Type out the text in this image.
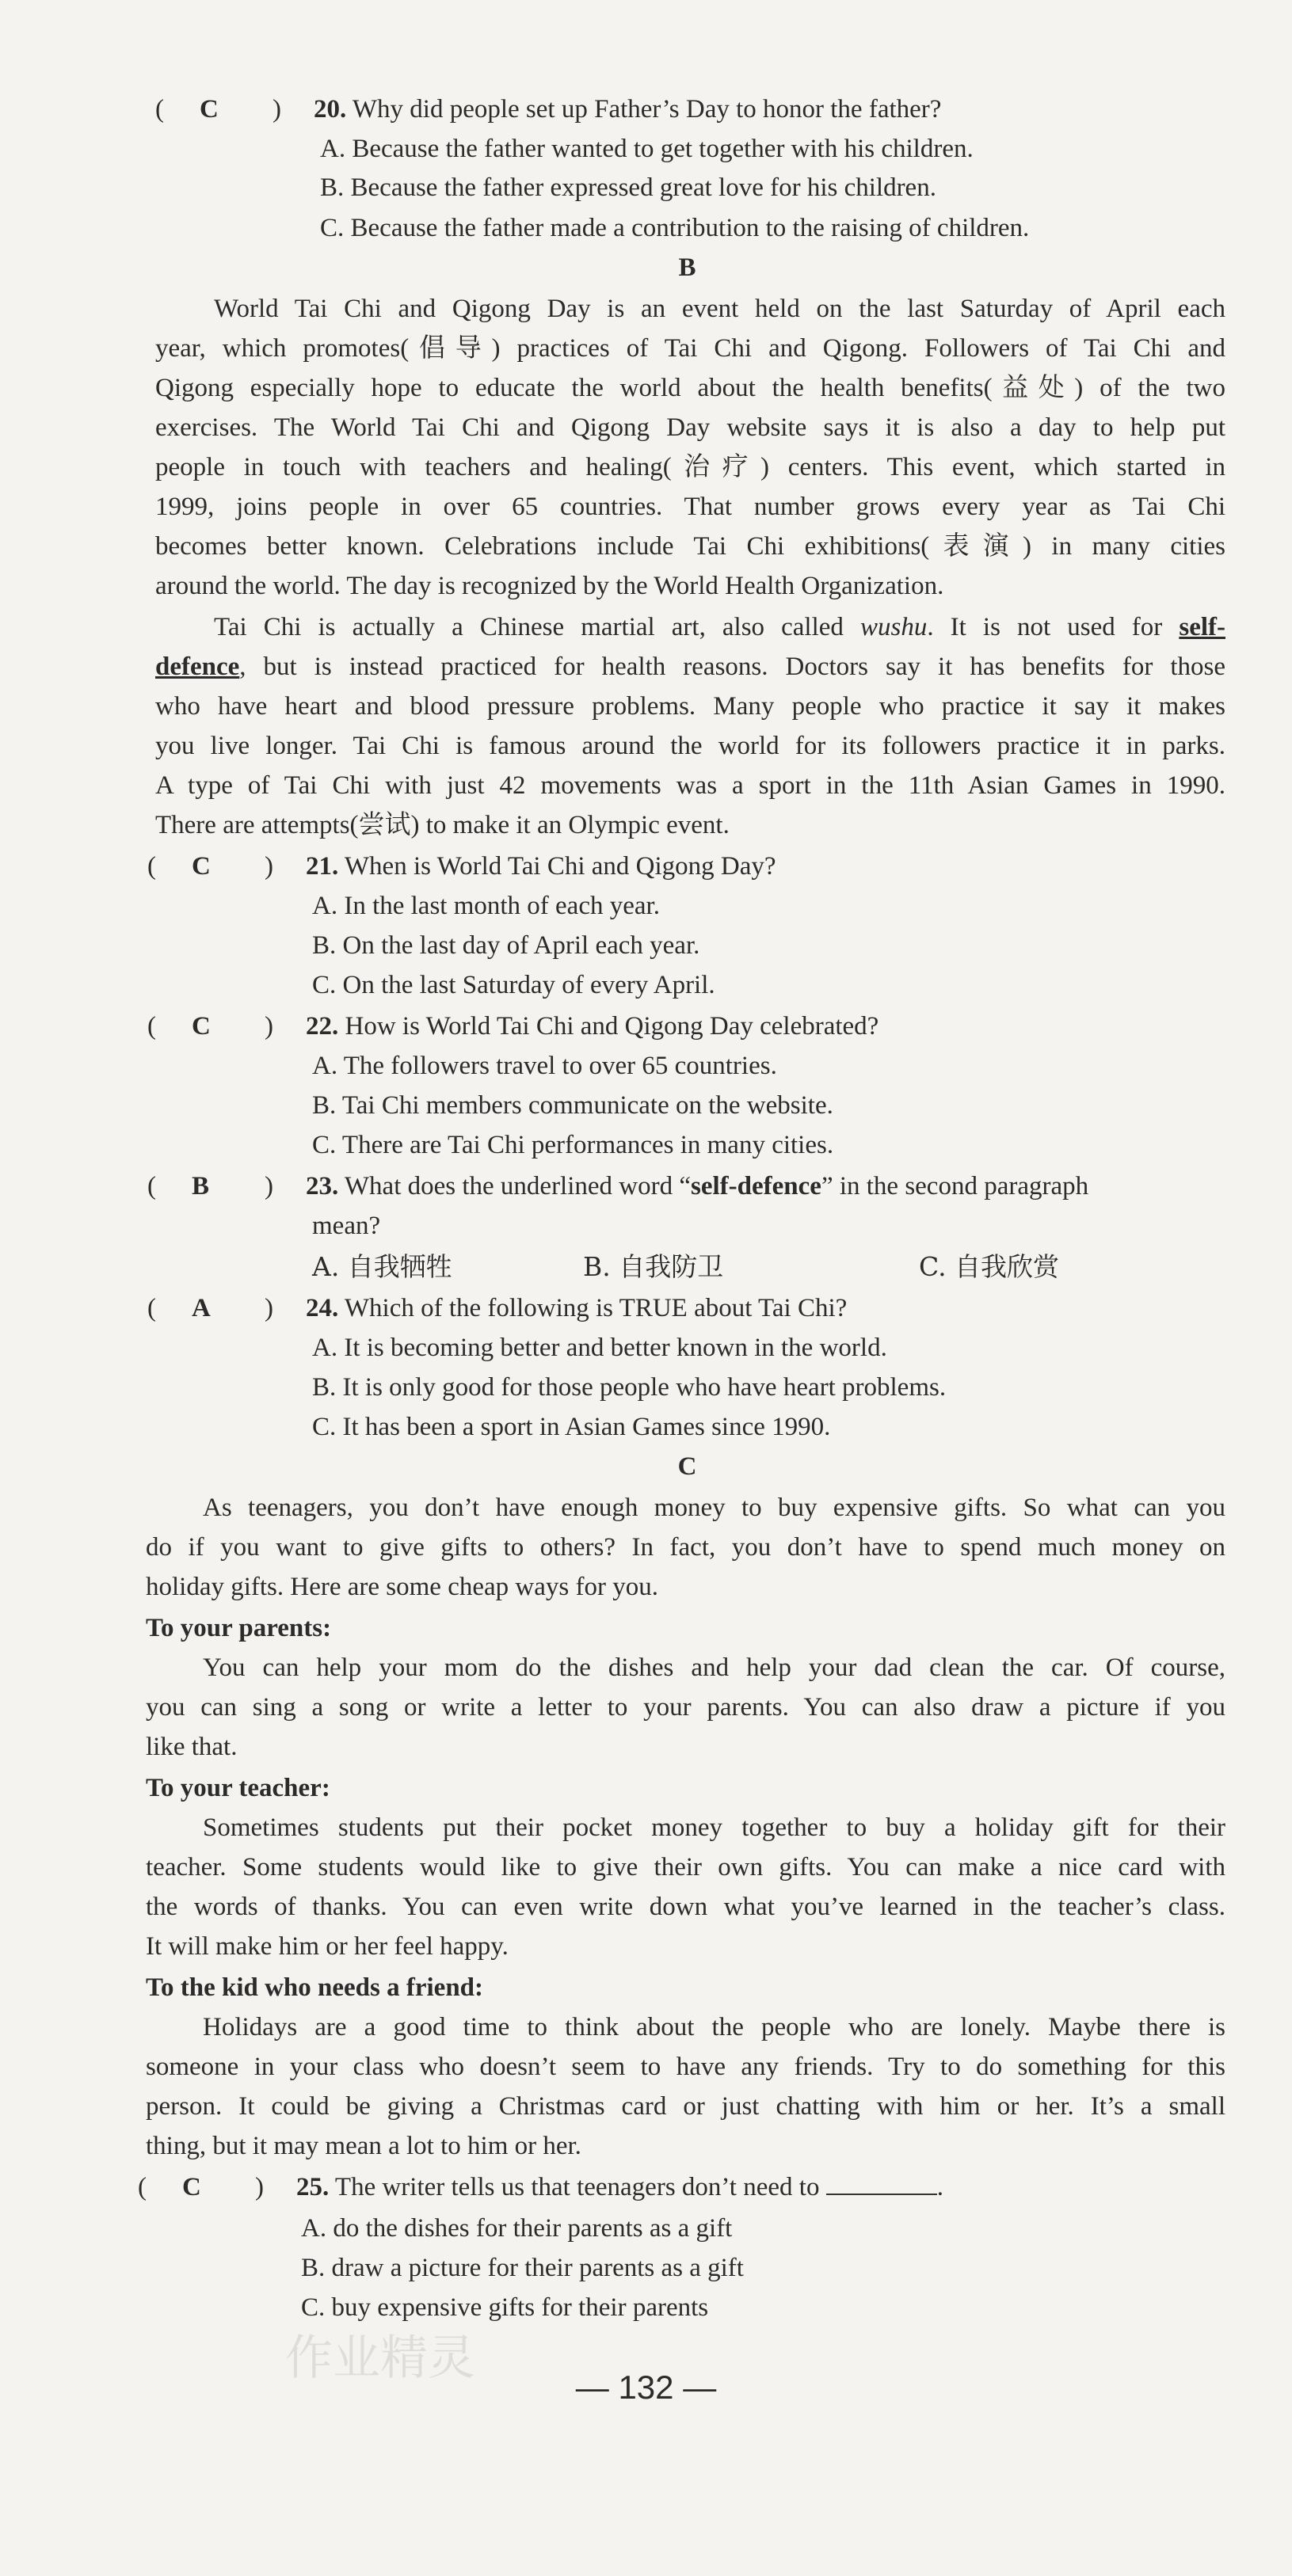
( C ) 20. Why did people set up Father’s Day to honor the father?
A. Because the father wanted to get together with his children.
B. Because the father expressed great love for his children.
C. Because the father made a contribution to the raising of children.
B
World Tai Chi and Qigong Day is an event held on the last Saturday of April each
year, which promotes(倡导) practices of Tai Chi and Qigong. Followers of Tai Chi and
Qigong especially hope to educate the world about the health benefits(益处) of the two
exercises. The World Tai Chi and Qigong Day website says it is also a day to help put
people in touch with teachers and healing(治疗) centers. This event, which started in
1999, joins people in over 65 countries. That number grows every year as Tai Chi
becomes better known. Celebrations include Tai Chi exhibitions(表演) in many cities
around the world. The day is recognized by the World Health Organization.
Tai Chi is actually a Chinese martial art, also called wushu. It is not used for self-
defence, but is instead practiced for health reasons. Doctors say it has benefits for those
who have heart and blood pressure problems. Many people who practice it say it makes
you live longer. Tai Chi is famous around the world for its followers practice it in parks.
A type of Tai Chi with just 42 movements was a sport in the 11th Asian Games in 1990.
There are attempts(尝试) to make it an Olympic event.
( C ) 21. When is World Tai Chi and Qigong Day?
A. In the last month of each year.
B. On the last day of April each year.
C. On the last Saturday of every April.
( C ) 22. How is World Tai Chi and Qigong Day celebrated?
A. The followers travel to over 65 countries.
B. Tai Chi members communicate on the website.
C. There are Tai Chi performances in many cities.
( B ) 23. What does the underlined word “self-defence” in the second paragraph
mean?
A. 自我牺牲	B. 自我防卫	C. 自我欣赏
( A ) 24. Which of the following is TRUE about Tai Chi?
A. It is becoming better and better known in the world.
B. It is only good for those people who have heart problems.
C. It has been a sport in Asian Games since 1990.
C
As teenagers, you don’t have enough money to buy expensive gifts. So what can you
do if you want to give gifts to others? In fact, you don’t have to spend much money on
holiday gifts. Here are some cheap ways for you.
To your parents:
You can help your mom do the dishes and help your dad clean the car. Of course,
you can sing a song or write a letter to your parents. You can also draw a picture if you
like that.
To your teacher:
Sometimes students put their pocket money together to buy a holiday gift for their
teacher. Some students would like to give their own gifts. You can make a nice card with
the words of thanks. You can even write down what you’ve learned in the teacher’s class.
It will make him or her feel happy.
To the kid who needs a friend:
Holidays are a good time to think about the people who are lonely. Maybe there is
someone in your class who doesn’t seem to have any friends. Try to do something for this
person. It could be giving a Christmas card or just chatting with him or her. It’s a small
thing, but it may mean a lot to him or her.
( C ) 25. The writer tells us that teenagers don’t need to	.
A. do the dishes for their parents as a gift
B. draw a picture for their parents as a gift
C. buy expensive gifts for their parents
作业精灵
— 132 —
